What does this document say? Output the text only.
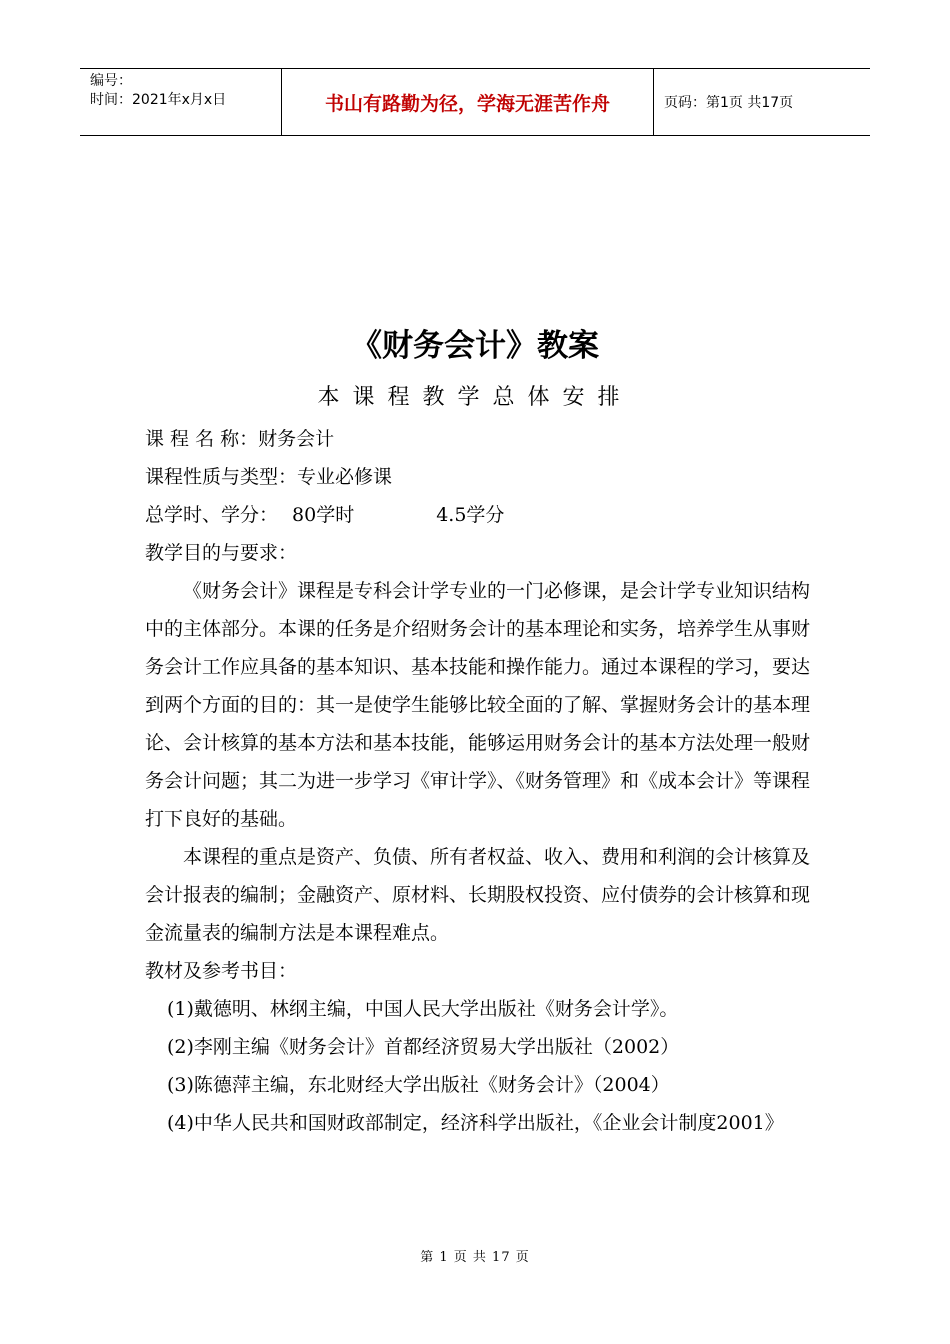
编号：
时间：2021年x月x日	书山有路勤为径，学海无涯苦作舟	页码：第1页 共17页
《财务会计》教案
本课程教学总体安排
课 程 名 称：财务会计
课程性质与类型：专业必修课
总学时、学分： 80学时	4.5学分
教学目的与要求：

《财务会计》课程是专科会计学专业的一门必修课，是会计学专业知识结构中的主体部分。本课的任务是介绍财务会计的基本理论和实务，培养学生从事财务会计工作应具备的基本知识、基本技能和操作能力。通过本课程的学习，要达到两个方面的目的：其一是使学生能够比较全面的了解、掌握财务会计的基本理论、会计核算的基本方法和基本技能，能够运用财务会计的基本方法处理一般财务会计问题；其二为进一步学习《审计学》、《财务管理》和《成本会计》等课程打下良好的基础。

本课程的重点是资产、负债、所有者权益、收入、费用和利润的会计核算及会计报表的编制；金融资产、原材料、长期股权投资、应付债券的会计核算和现金流量表的编制方法是本课程难点。

教材及参考书目：

(1)戴德明、林纲主编，中国人民大学出版社《财务会计学》。

(2)李刚主编《财务会计》首都经济贸易大学出版社（2002）

(3)陈德萍主编，东北财经大学出版社《财务会计》（2004）

(4)中华人民共和国财政部制定，经济科学出版社，《企业会计制度2001》

第 1 页 共 17 页
